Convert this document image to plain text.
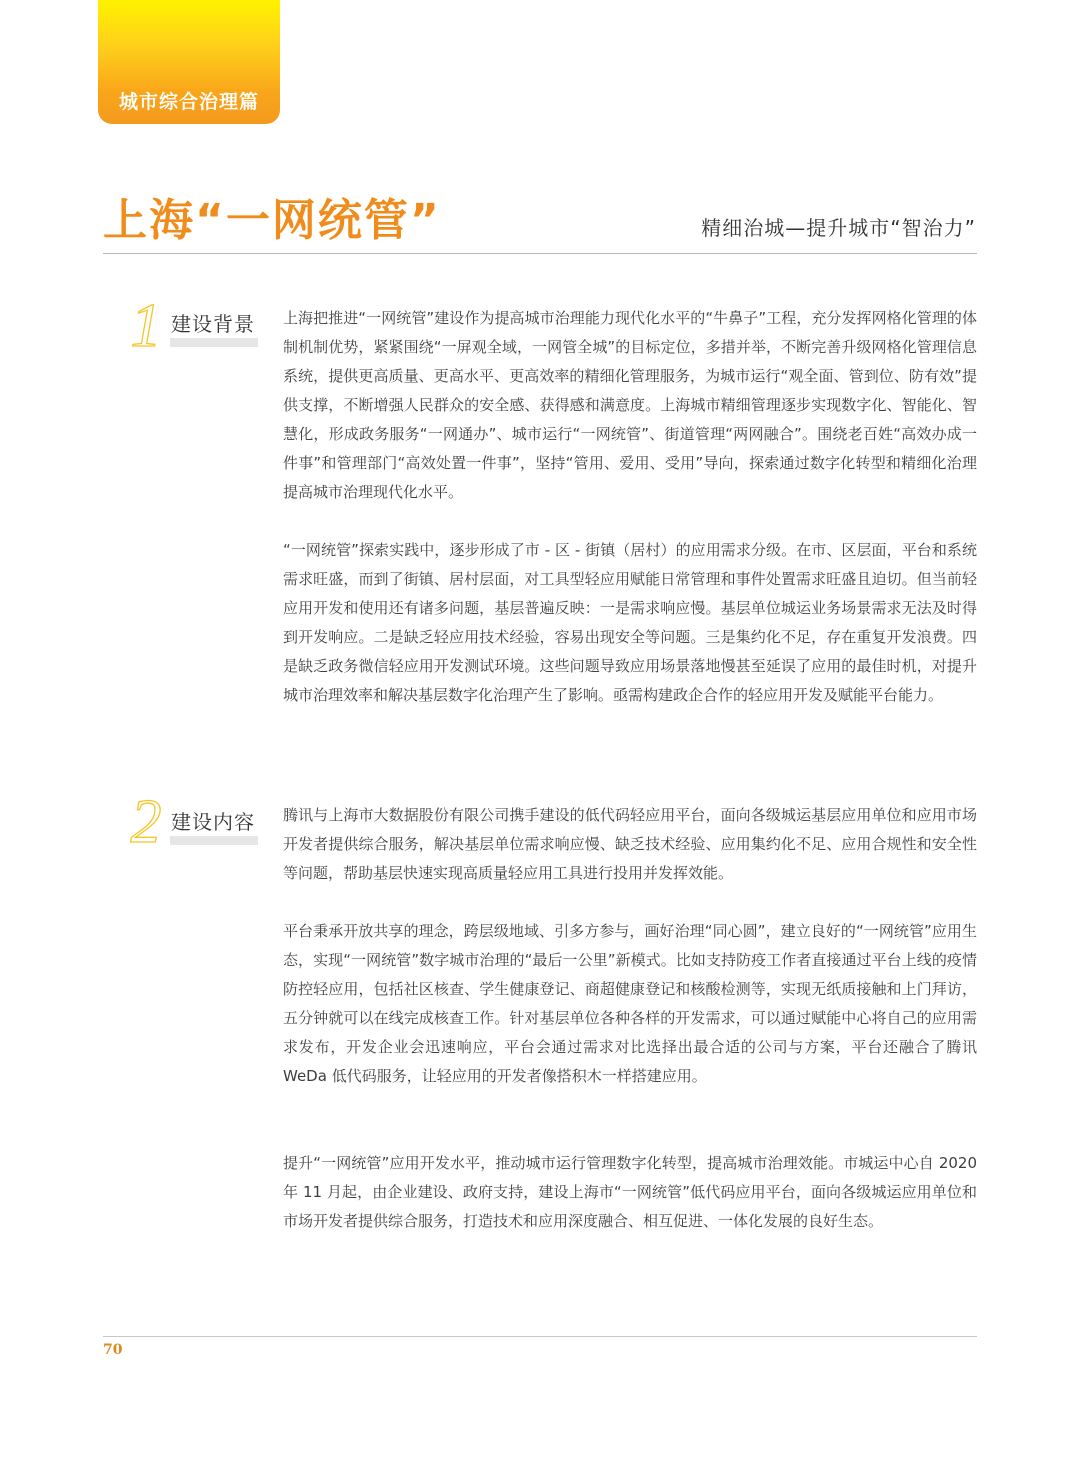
城市综合治理篇
上海“一网统管”	精细治城—提升城市“智治力”
1 建设背景 上海把推进“一网统管”建设作为提高城市治理能力现代化水平的“牛鼻子”工程，充分发挥网格化管理的体制机制优势，紧紧围绕“一屏观全域，一网管全城”的目标定位，多措并举，不断完善升级网格化管理信息系统，提供更高质量、更高水平、更高效率的精细化管理服务，为城市运行“观全面、管到位、防有效”提供支撑，不断增强人民群众的安全感、获得感和满意度。上海城市精细管理逐步实现数字化、智能化、智慧化，形成政务服务“一网通办”、城市运行“一网统管”、街道管理“两网融合”。围绕老百姓“高效办成一件事”和管理部门“高效处置一件事”，坚持“管用、爱用、受用”导向，探索通过数字化转型和精细化治理提高城市治理现代化水平。

“一网统管”探索实践中，逐步形成了市 - 区 - 街镇（居村）的应用需求分级。在市、区层面，平台和系统需求旺盛，而到了街镇、居村层面，对工具型轻应用赋能日常管理和事件处置需求旺盛且迫切。但当前轻应用开发和使用还有诸多问题，基层普遍反映：一是需求响应慢。基层单位城运业务场景需求无法及时得到开发响应。二是缺乏轻应用技术经验，容易出现安全等问题。三是集约化不足，存在重复开发浪费。四是缺乏政务微信轻应用开发测试环境。这些问题导致应用场景落地慢甚至延误了应用的最佳时机，对提升城市治理效率和解决基层数字化治理产生了影响。亟需构建政企合作的轻应用开发及赋能平台能力。

2 建设内容 腾讯与上海市大数据股份有限公司携手建设的低代码轻应用平台，面向各级城运基层应用单位和应用市场开发者提供综合服务，解决基层单位需求响应慢、缺乏技术经验、应用集约化不足、应用合规性和安全性等问题，帮助基层快速实现高质量轻应用工具进行投用并发挥效能。

平台秉承开放共享的理念，跨层级地域、引多方参与，画好治理“同心圆”，建立良好的“一网统管”应用生态，实现“一网统管”数字城市治理的“最后一公里”新模式。比如支持防疫工作者直接通过平台上线的疫情防控轻应用，包括社区核查、学生健康登记、商超健康登记和核酸检测等，实现无纸质接触和上门拜访，五分钟就可以在线完成核查工作。针对基层单位各种各样的开发需求，可以通过赋能中心将自己的应用需求发布，开发企业会迅速响应，平台会通过需求对比选择出最合适的公司与方案，平台还融合了腾讯 WeDa 低代码服务，让轻应用的开发者像搭积木一样搭建应用。

提升“一网统管”应用开发水平，推动城市运行管理数字化转型，提高城市治理效能。市城运中心自 2020 年 11 月起，由企业建设、政府支持，建设上海市“一网统管”低代码应用平台，面向各级城运应用单位和市场开发者提供综合服务，打造技术和应用深度融合、相互促进、一体化发展的良好生态。

70
